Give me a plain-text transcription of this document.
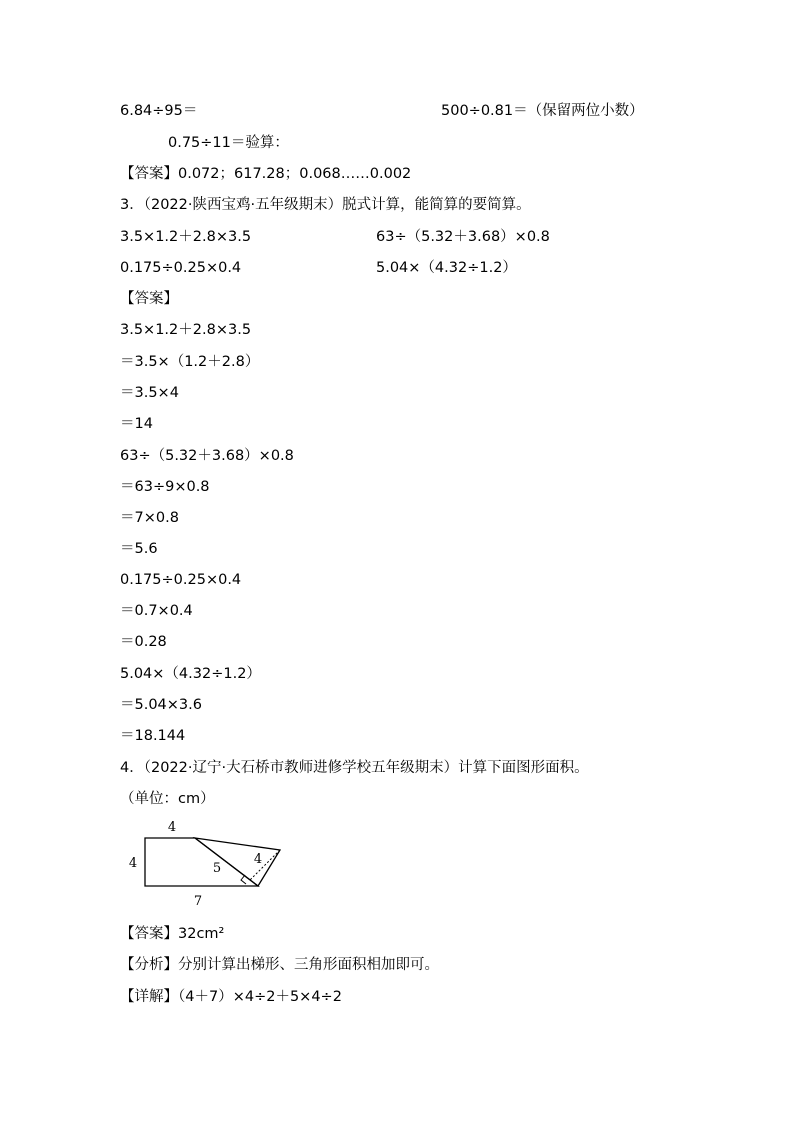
6.84÷95＝	500÷0.81＝（保留两位小数）
0.75÷11＝验算：
【答案】0.072；617.28；0.068……0.002
3．（2022·陕西宝鸡·五年级期末）脱式计算，能简算的要简算。
3.5×1.2＋2.8×3.5	63÷（5.32＋3.68）×0.8
0.175÷0.25×0.4	5.04×（4.32÷1.2）
【答案】
3.5×1.2＋2.8×3.5
＝3.5×（1.2＋2.8）
＝3.5×4
＝14
63÷（5.32＋3.68）×0.8
＝63÷9×0.8
＝7×0.8
＝5.6
0.175÷0.25×0.4
＝0.7×0.4
＝0.28
5.04×（4.32÷1.2）
＝5.04×3.6
＝18.144
4．（2022·辽宁·大石桥市教师进修学校五年级期末）计算下面图形面积。
（单位：cm）
4
4
7
5
4
【答案】32cm²
【分析】分别计算出梯形、三角形面积相加即可。
【详解】（4＋7）×4÷2＋5×4÷2
